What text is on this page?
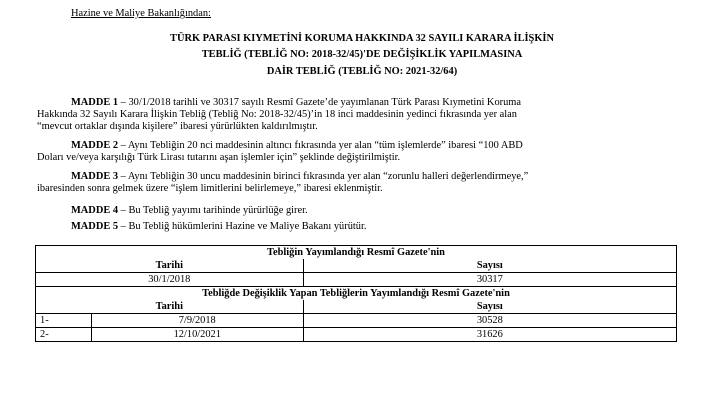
Hazine ve Maliye Bakanlığından:
TÜRK PARASI KIYMETİNİ KORUMA HAKKINDA 32 SAYILI KARARA İLİŞKİN
TEBLİĞ (TEBLİĞ NO: 2018-32/45)'DE DEĞİŞİKLİK YAPILMASINA
DAİR TEBLİĞ (TEBLİĞ NO: 2021-32/64)
MADDE 1 – 30/1/2018 tarihli ve 30317 sayılı Resmî Gazete’de yayımlanan Türk Parası Kıymetini Koruma
Hakkında 32 Sayılı Karara İlişkin Tebliğ (Tebliğ No: 2018-32/45)’in 18 inci maddesinin yedinci fıkrasında yer alan
“mevcut ortaklar dışında kişilere” ibaresi yürürlükten kaldırılmıştır.
MADDE 2 – Aynı Tebliğin 20 nci maddesinin altıncı fıkrasında yer alan “tüm işlemlerde” ibaresi “100 ABD
Doları ve/veya karşılığı Türk Lirası tutarını aşan işlemler için” şeklinde değiştirilmiştir.
MADDE 3 – Aynı Tebliğin 30 uncu maddesinin birinci fıkrasında yer alan “zorunlu halleri değerlendirmeye,”
ibaresinden sonra gelmek üzere “işlem limitlerini belirlemeye,” ibaresi eklenmiştir.
MADDE 4 – Bu Tebliğ yayımı tarihinde yürürlüğe girer.
MADDE 5 – Bu Tebliğ hükümlerini Hazine ve Maliye Bakanı yürütür.
Tebliğin Yayımlandığı Resmî Gazete'nin		
Tarihi		Sayısı
30/1/2018		30317
Tebliğde Değişiklik Yapan Tebliğlerin Yayımlandığı Resmî Gazete'nin		
Tarihi		Sayısı
1-	7/9/2018	30528
2-	12/10/2021	31626
